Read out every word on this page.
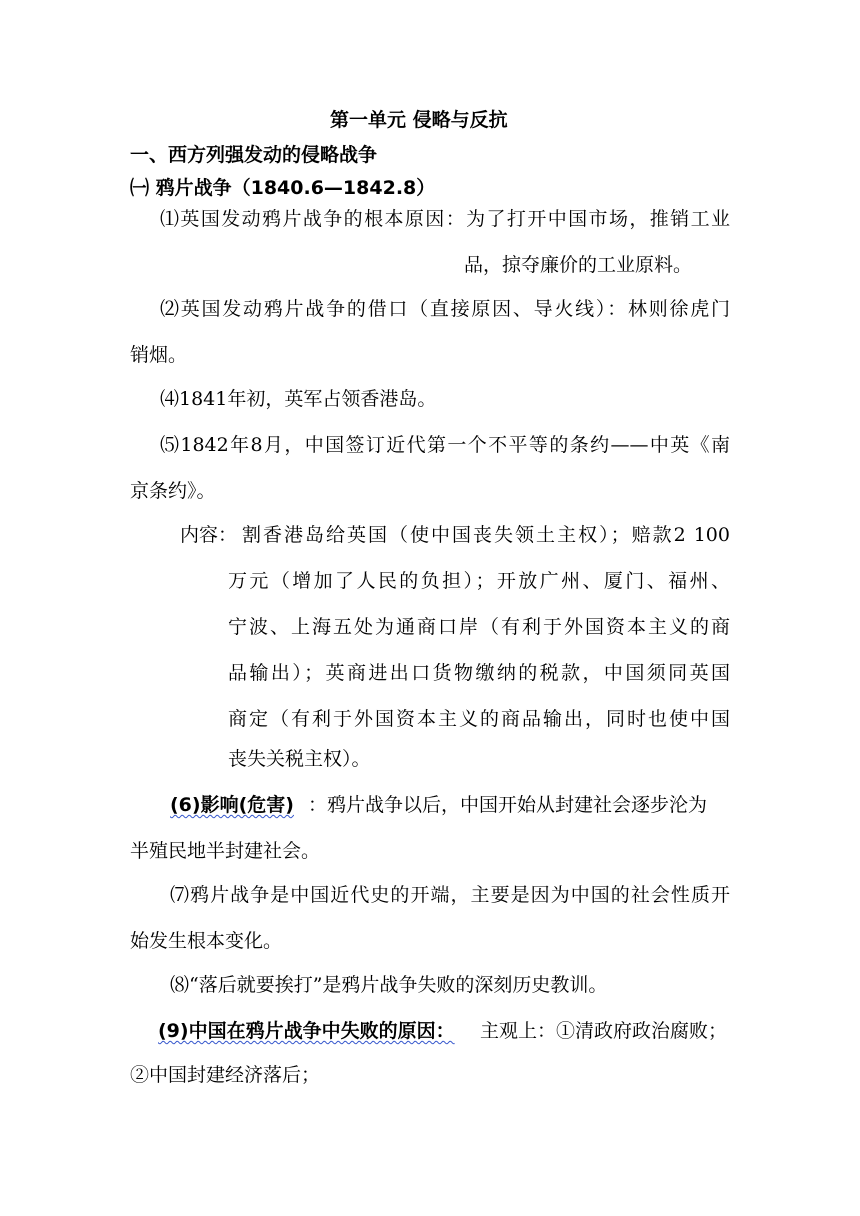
第一单元 侵略与反抗
一、西方列强发动的侵略战争
㈠ 鸦片战争（1840.6—1842.8）
⑴英国发动鸦片战争的根本原因：为了打开中国市场，推销工业
品，掠夺廉价的工业原料。
⑵英国发动鸦片战争的借口（直接原因、导火线）：林则徐虎门
销烟。
⑷1841年初，英军占领香港岛。
⑸1842年8月，中国签订近代第一个不平等的条约——中英《南
京条约》。
内容： 割香港岛给英国（使中国丧失领土主权）；赔款2 100
万元（增加了人民的负担）；开放广州、厦门、福州、
宁波、上海五处为通商口岸（有利于外国资本主义的商
品输出）；英商进出口货物缴纳的税款，中国须同英国
商定（有利于外国资本主义的商品输出，同时也使中国
丧失关税主权）。
(6)影响(危害) ：鸦片战争以后，中国开始从封建社会逐步沦为
半殖民地半封建社会。
⑺鸦片战争是中国近代史的开端，主要是因为中国的社会性质开
始发生根本变化。
⑻“落后就要挨打”是鸦片战争失败的深刻历史教训。
(9)中国在鸦片战争中失败的原因： 主观上：①清政府政治腐败；
②中国封建经济落后；
